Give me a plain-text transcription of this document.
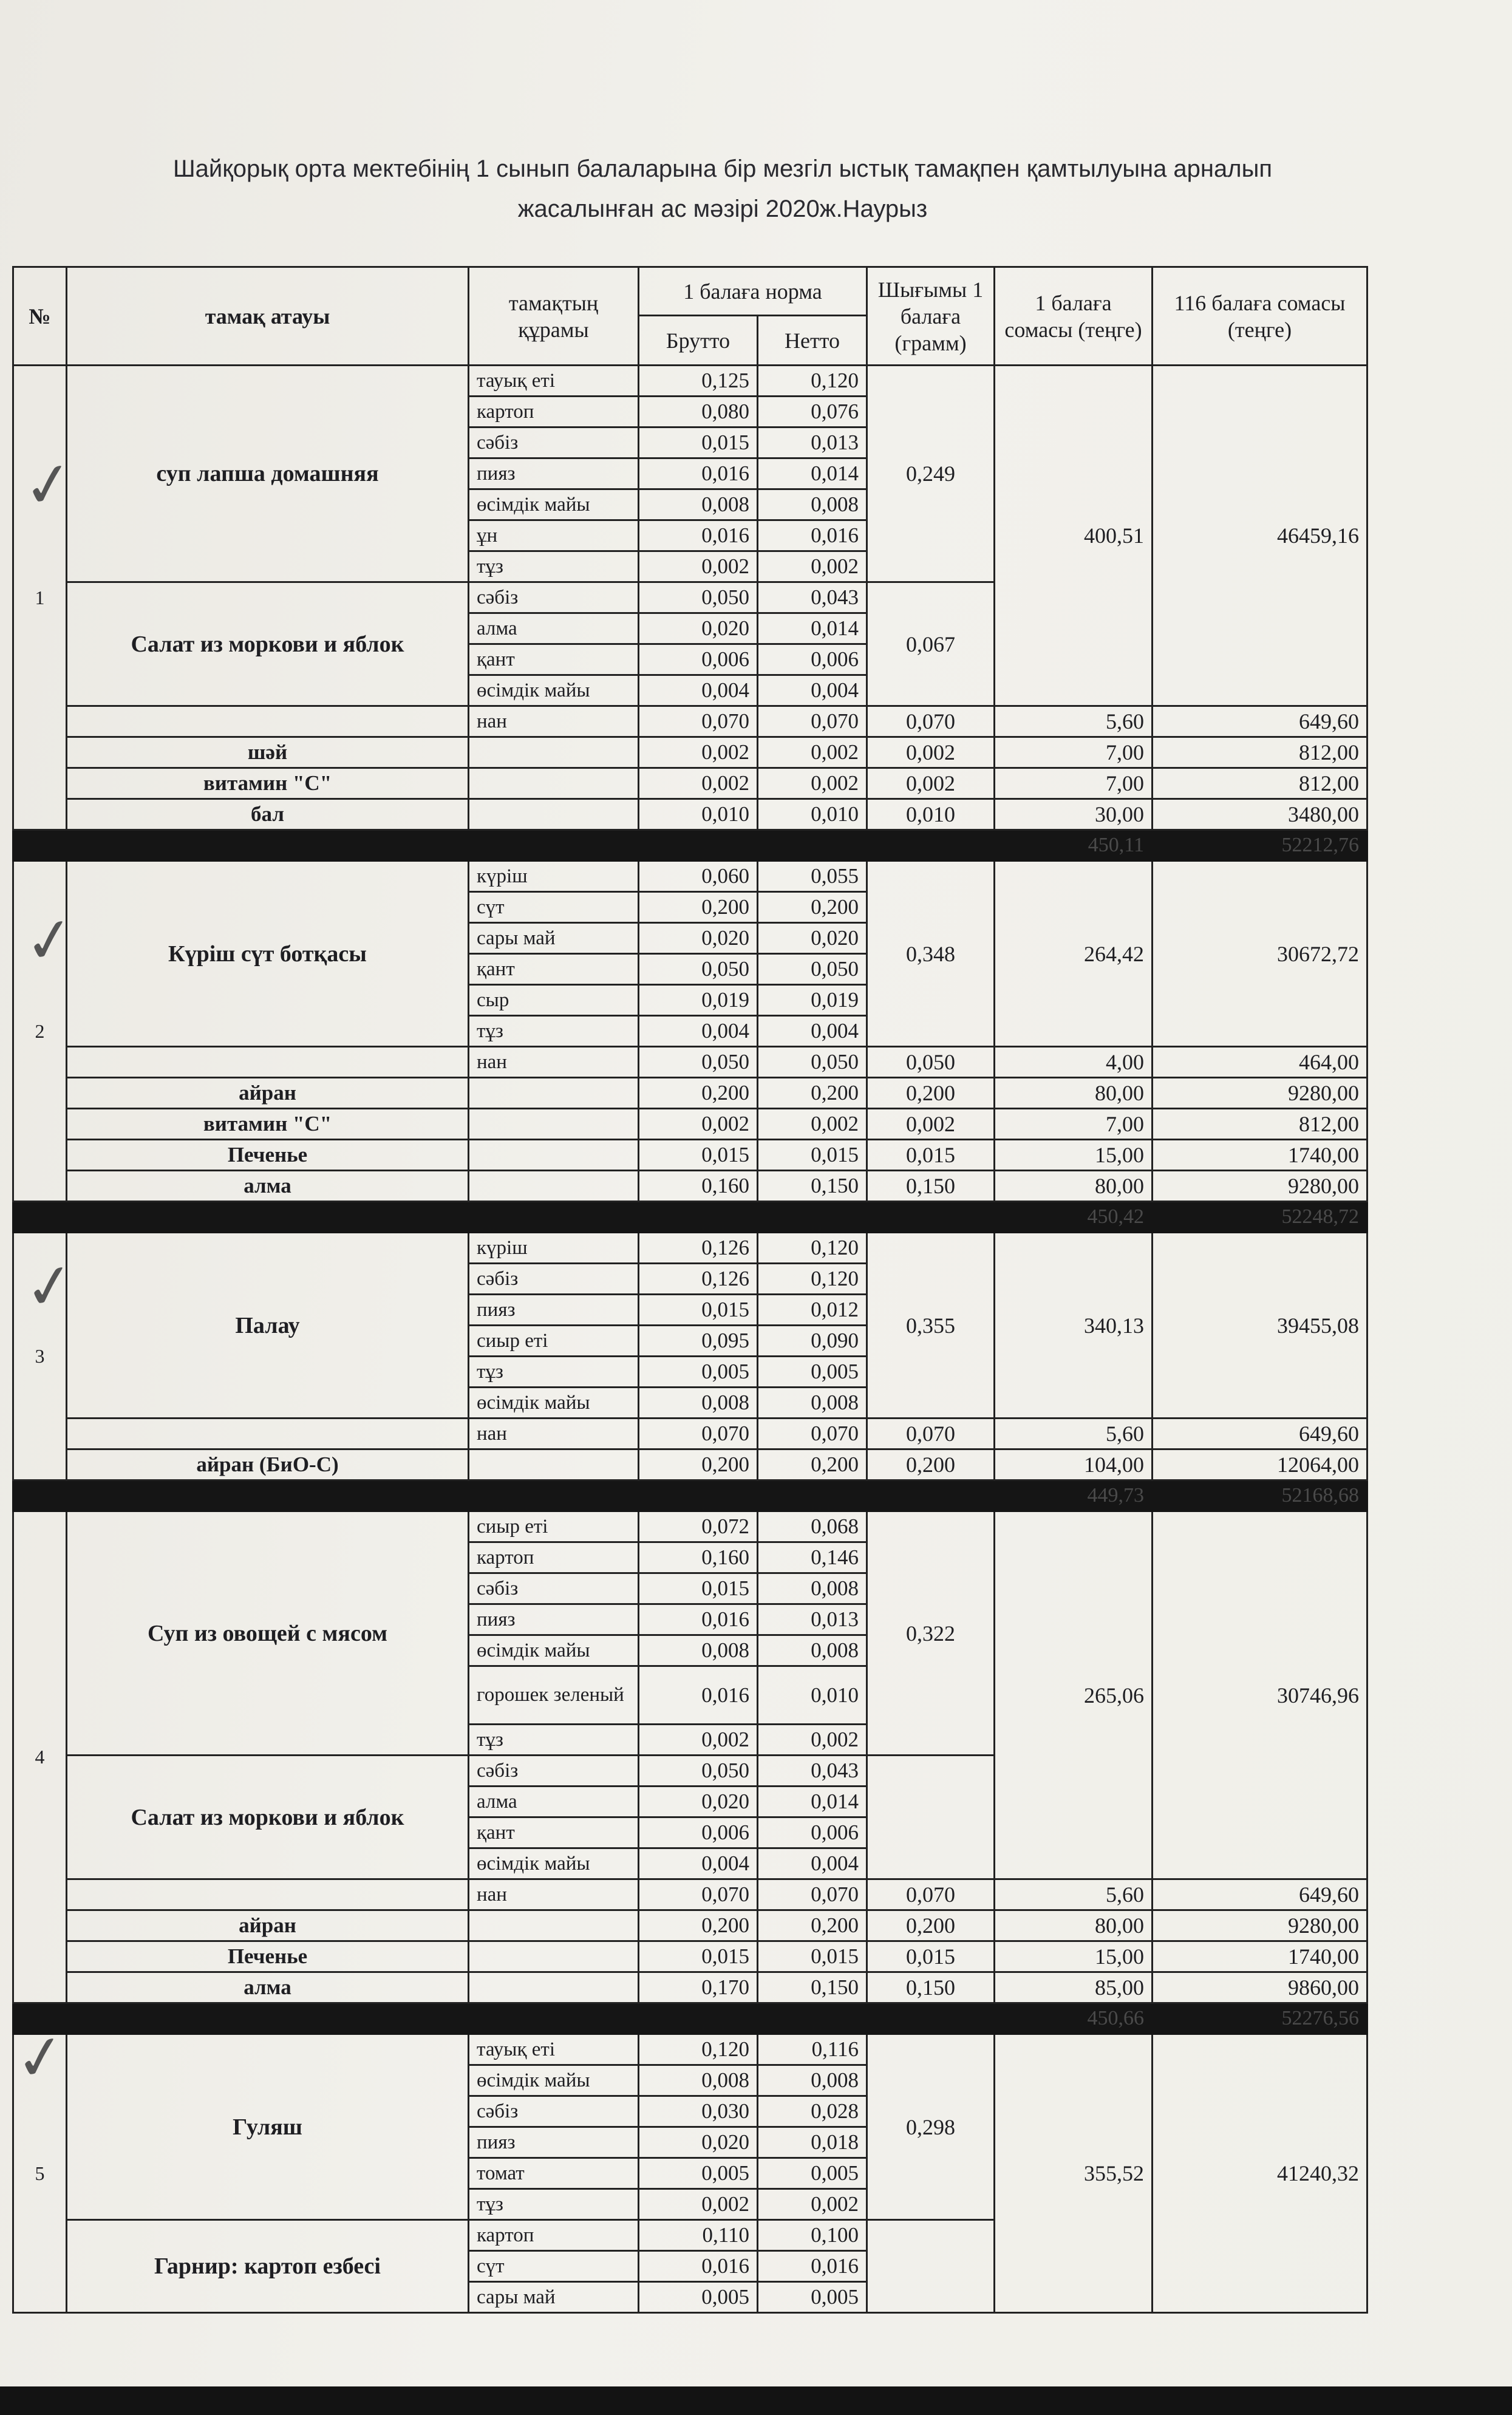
Шайқорық орта мектебінің 1 сынып балаларына бір мезгіл ыстық тамақпен қамтылуына арналып
жасалынған ас мәзірі 2020ж.Наурыз
№	тамақ атауы	тамақтың құрамы	1 балаға норма		Шығымы 1 балаға (грамм)	1 балаға сомасы (теңге)	116 балаға сомасы (теңге)
			Брутто	Нетто			
1	суп лапша домашняя	тауық еті	0,125	0,120	0,249	400,51	46459,16
		картоп	0,080	0,076			
		сәбіз	0,015	0,013			
		пияз	0,016	0,014			
		өсімдік майы	0,008	0,008			
		ұн	0,016	0,016			
		тұз	0,002	0,002			
	Салат из моркови и яблок	сәбіз	0,050	0,043	0,067		
		алма	0,020	0,014			
		қант	0,006	0,006			
		өсімдік майы	0,004	0,004			
		нан	0,070	0,070	0,070	5,60	649,60
	шәй		0,002	0,002	0,002	7,00	812,00
	витамин "С"		0,002	0,002	0,002	7,00	812,00
	бал		0,010	0,010	0,010	30,00	3480,00
						450,11	52212,76
2	Күріш сүт ботқасы	күріш	0,060	0,055	0,348	264,42	30672,72
		сүт	0,200	0,200			
		сары май	0,020	0,020			
		қант	0,050	0,050			
		сыр	0,019	0,019			
		тұз	0,004	0,004			
		нан	0,050	0,050	0,050	4,00	464,00
	айран		0,200	0,200	0,200	80,00	9280,00
	витамин "С"		0,002	0,002	0,002	7,00	812,00
	Печенье		0,015	0,015	0,015	15,00	1740,00
	алма		0,160	0,150	0,150	80,00	9280,00
						450,42	52248,72
3	Палау	күріш	0,126	0,120	0,355	340,13	39455,08
		сәбіз	0,126	0,120			
		пияз	0,015	0,012			
		сиыр еті	0,095	0,090			
		тұз	0,005	0,005			
		өсімдік майы	0,008	0,008			
		нан	0,070	0,070	0,070	5,60	649,60
	айран (БиО-С)		0,200	0,200	0,200	104,00	12064,00
						449,73	52168,68
4	Суп из овощей с мясом	сиыр еті	0,072	0,068	0,322	265,06	30746,96
		картоп	0,160	0,146			
		сәбіз	0,015	0,008			
		пияз	0,016	0,013			
		өсімдік майы	0,008	0,008			
		горошек зеленый	0,016	0,010			
		тұз	0,002	0,002			
	Салат из моркови и яблок	сәбіз	0,050	0,043			
		алма	0,020	0,014			
		қант	0,006	0,006			
		өсімдік майы	0,004	0,004			
		нан	0,070	0,070	0,070	5,60	649,60
	айран		0,200	0,200	0,200	80,00	9280,00
	Печенье		0,015	0,015	0,015	15,00	1740,00
	алма		0,170	0,150	0,150	85,00	9860,00
						450,66	52276,56
5	Гуляш	тауық еті	0,120	0,116	0,298	355,52	41240,32
		өсімдік майы	0,008	0,008			
		сәбіз	0,030	0,028			
		пияз	0,020	0,018			
		томат	0,005	0,005			
		тұз	0,002	0,002			
	Гарнир: картоп езбесі	картоп	0,110	0,100			
		сүт	0,016	0,016			
		сары май	0,005	0,005			
✓
✓
✓
✓
